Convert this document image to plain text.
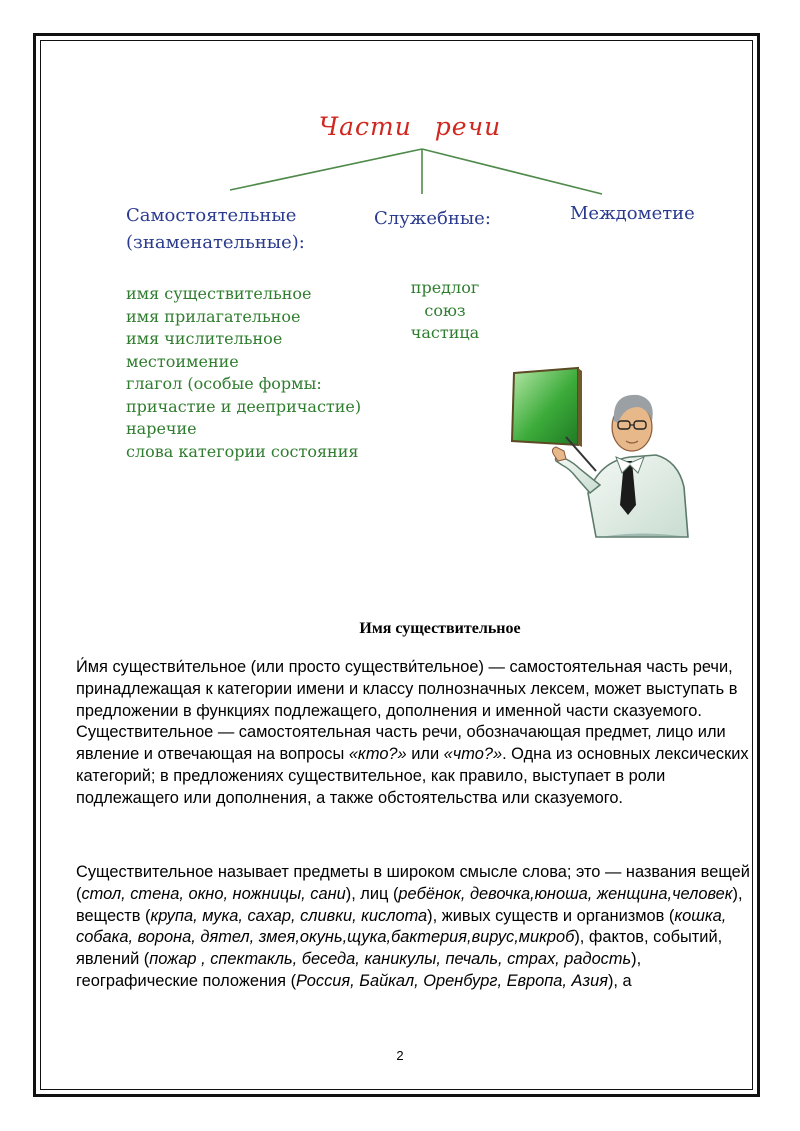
Части речи
Самостоятельные
(знаменательные):
Служебные:	Междометие
имя существительное
имя прилагательное
имя числительное
местоимение
глагол (особые формы:
причастие и деепричастие)
наречие
слова категории состояния
предлог
союз
частица
Имя существительное
И́мя существи́тельное (или просто существи́тельное) — самостоятельная часть речи, принадлежащая к категории имени и классу полнозначных лексем, может выступать в предложении в функциях подлежащего, дополнения и именной части сказуемого. Существительное — самостоятельная часть речи, обозначающая предмет, лицо или явление и отвечающая на вопросы «кто?» или «что?». Одна из основных лексических категорий; в предложениях существительное, как правило, выступает в роли подлежащего или дополнения, а также обстоятельства или сказуемого.
Существительное называет предметы в широком смысле слова; это — названия вещей (стол, стена, окно, ножницы, сани), лиц (ребёнок, девочка,юноша, женщина,человек), веществ (крупа, мука, сахар, сливки, кислота), живых существ и организмов (кошка, собака, ворона, дятел, змея,окунь,щука,бактерия,вирус,микроб), фактов, событий, явлений (пожар , спектакль, беседа, каникулы, печаль, страх, радость), географические положения (Россия, Байкал, Оренбург, Европа, Азия), а
2
